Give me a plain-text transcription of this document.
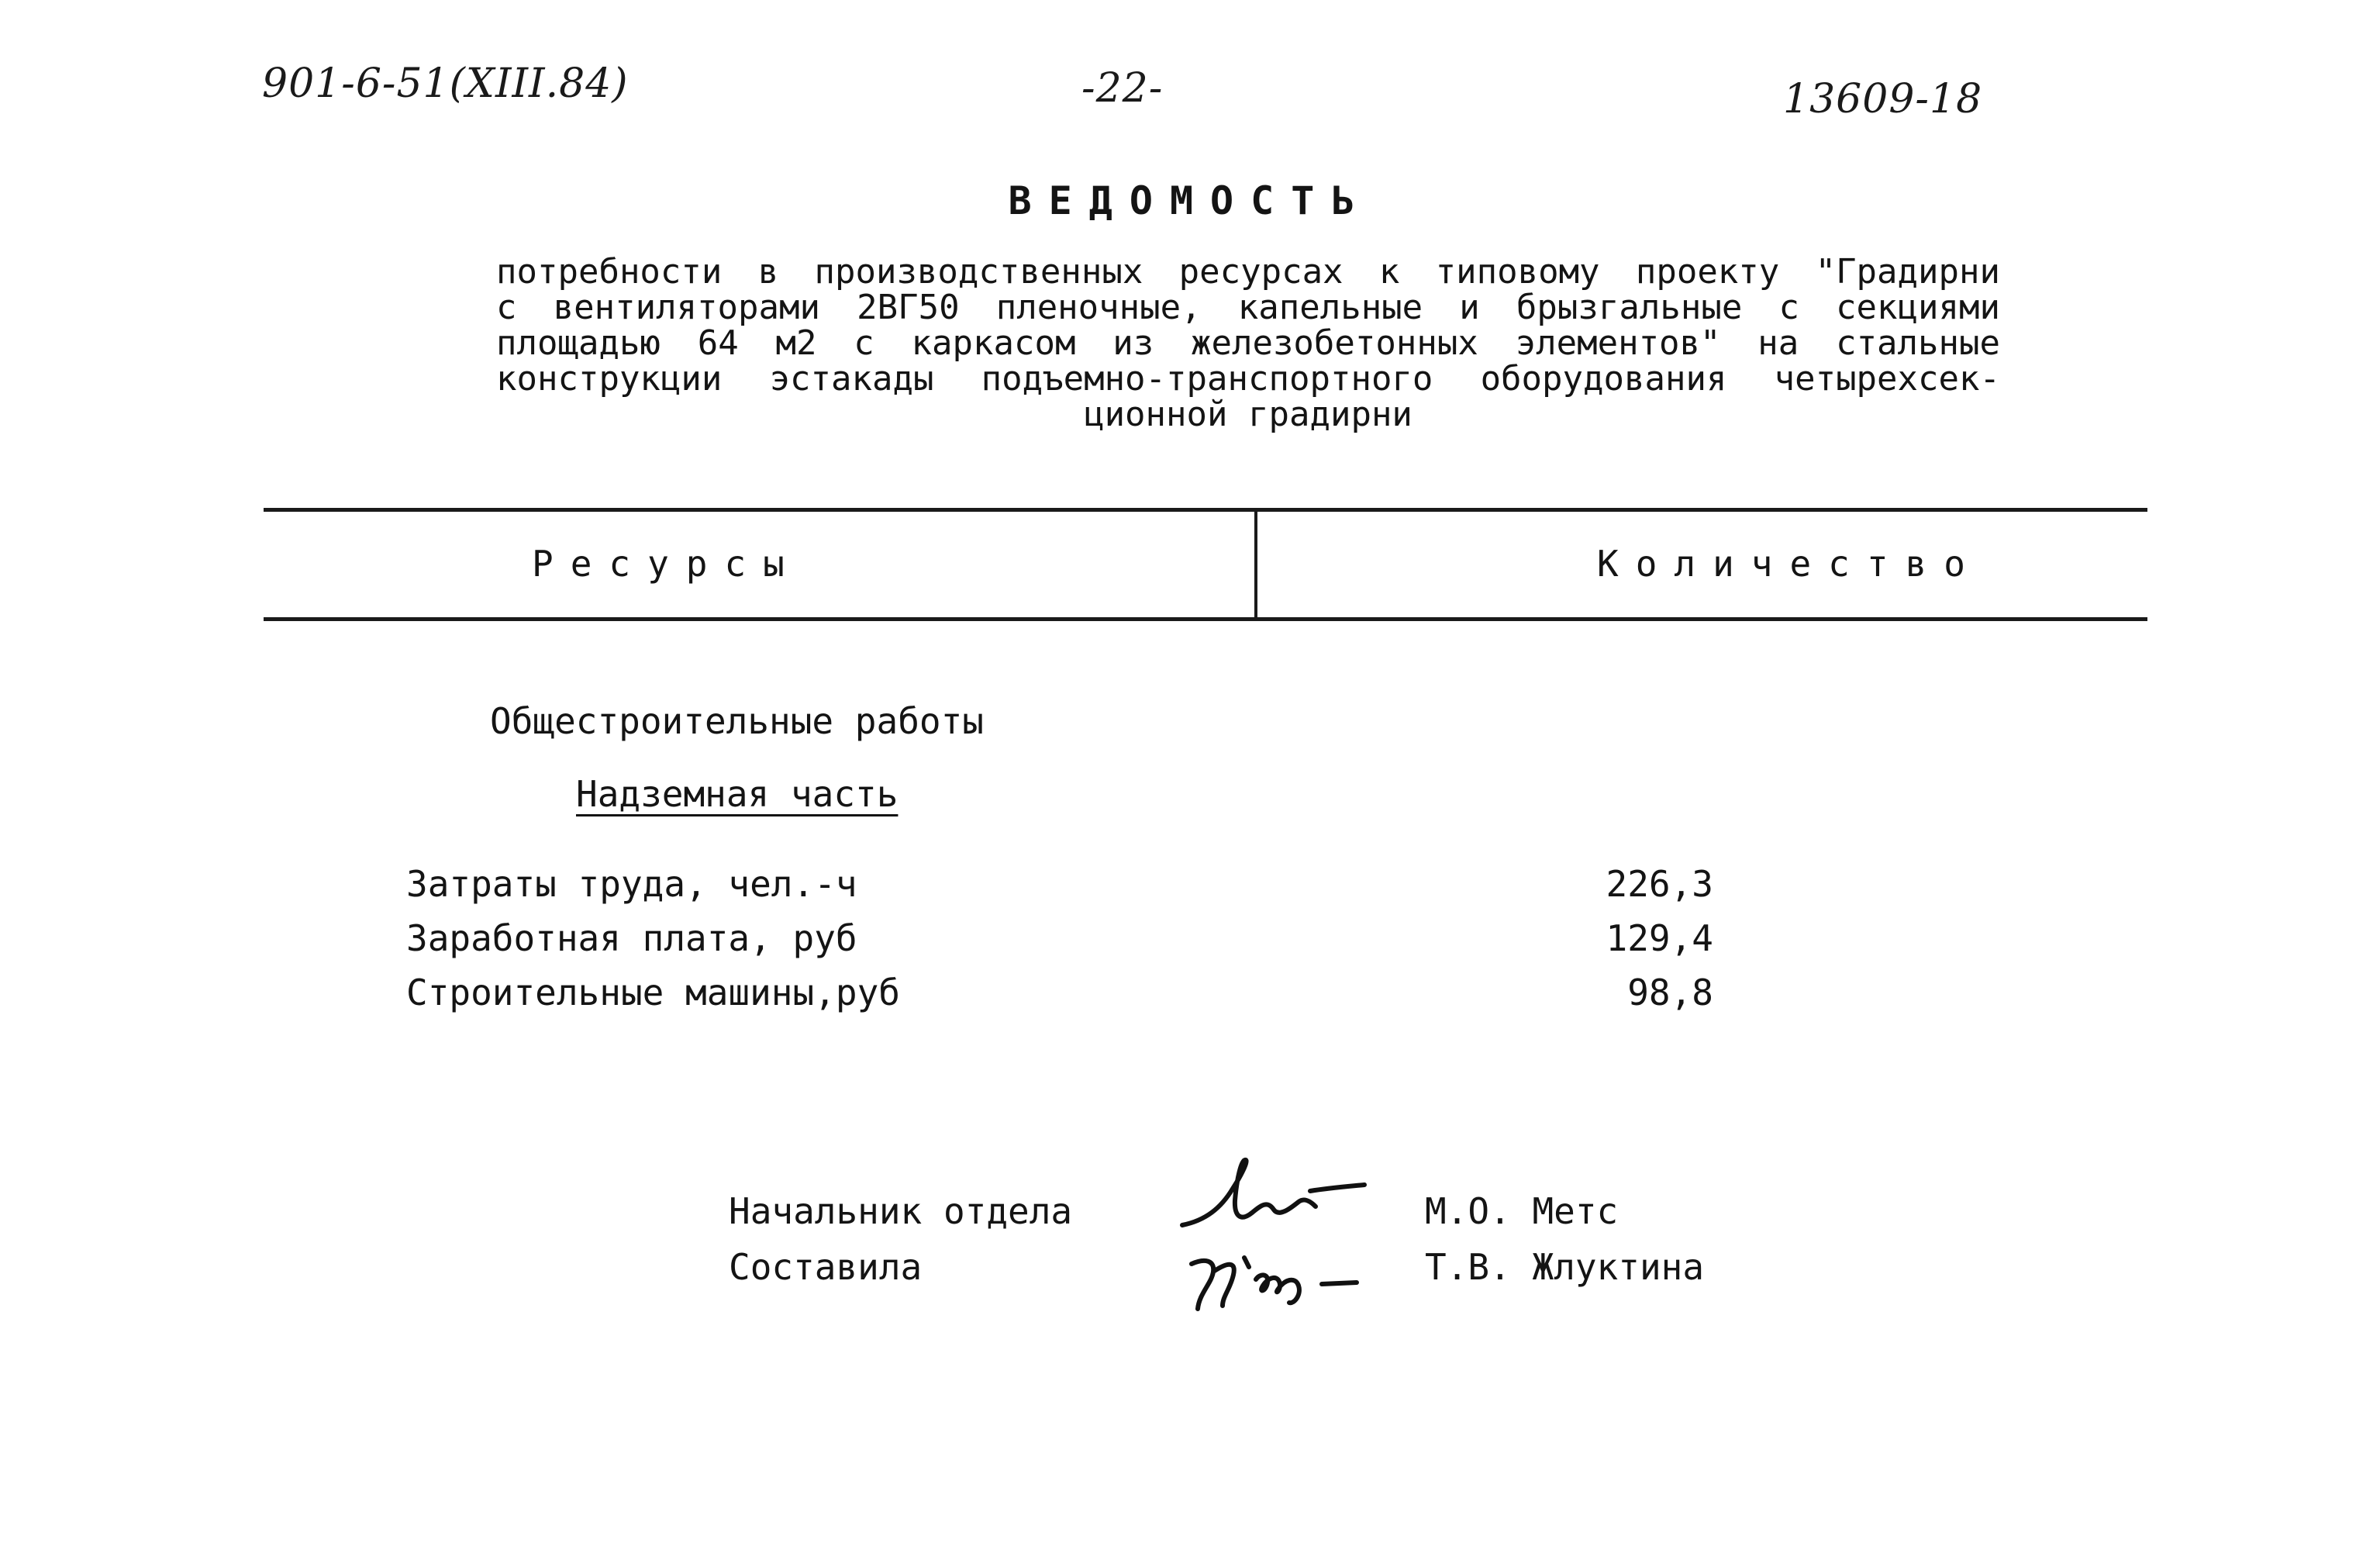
901-6-51(XIII.84)	-22-	13609-18
ВЕДОМОСТЬ
потребности в производственных ресурсах к типовому проекту "Градирни
с вентиляторами 2ВГ50 пленочные, капельные и брызгальные с секциями
площадью 64 м2 с каркасом из железобетонных элементов" на стальные
конструкции эстакады подъемно-транспортного оборудования четырехсек-
ционной градирни
Ресурсы	Количество
Общестроительные работы
Надземная часть
Затраты труда, чел.-ч	226,3
Заработная плата, руб	129,4
Строительные машины,руб	98,8
Начальник отдела	М.О. Метс
Составила	Т.В. Жлуктина
